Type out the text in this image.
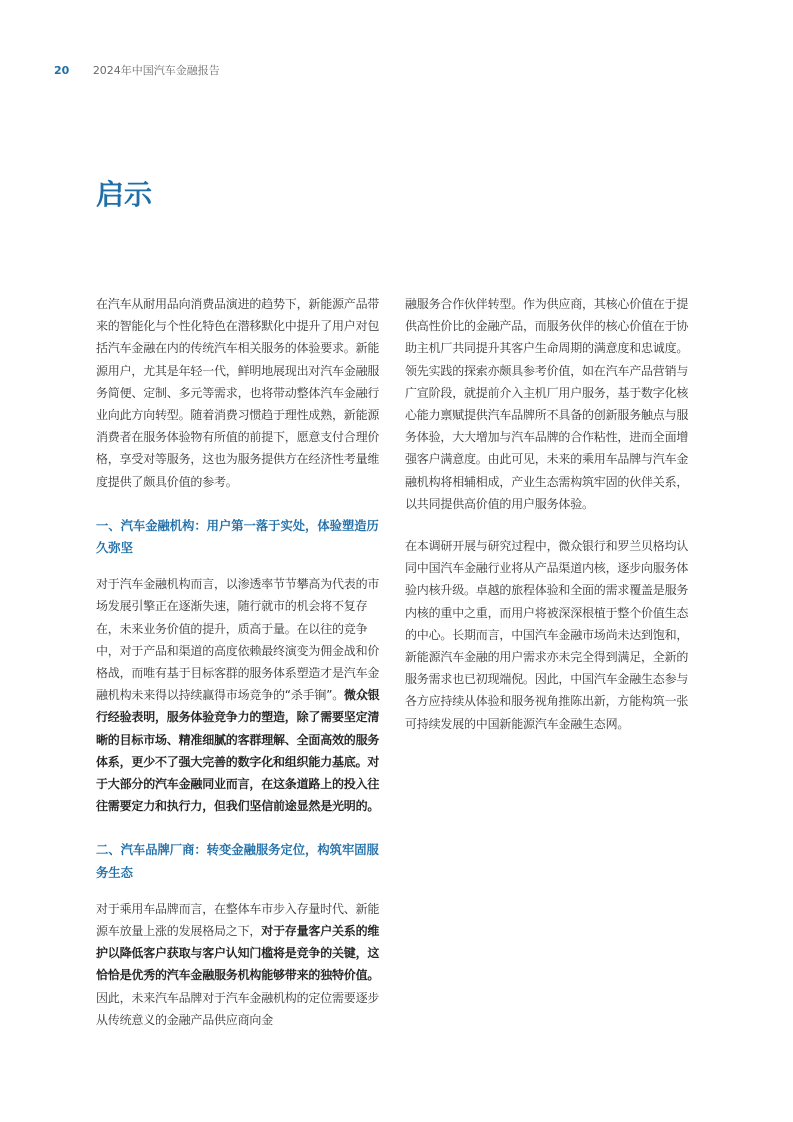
20 2024年中国汽车金融报告
启示

在汽车从耐用品向消费品演进的趋势下，新能源产品带来的智能化与个性化特色在潜移默化中提升了用户对包括汽车金融在内的传统汽车相关服务的体验要求。新能源用户，尤其是年轻一代，鲜明地展现出对汽车金融服务简便、定制、多元等需求，也将带动整体汽车金融行业向此方向转型。随着消费习惯趋于理性成熟，新能源消费者在服务体验物有所值的前提下，愿意支付合理价格，享受对等服务，这也为服务提供方在经济性考量维度提供了颇具价值的参考。

一、汽车金融机构：用户第一落于实处，体验塑造历久弥坚

对于汽车金融机构而言，以渗透率节节攀高为代表的市场发展引擎正在逐渐失速，随行就市的机会将不复存在，未来业务价值的提升，质高于量。在以往的竞争中，对于产品和渠道的高度依赖最终演变为佣金战和价格战，而唯有基于目标客群的服务体系塑造才是汽车金融机构未来得以持续赢得市场竞争的“杀手锏”。微众银行经验表明，服务体验竞争力的塑造，除了需要坚定清晰的目标市场、精准细腻的客群理解、全面高效的服务体系，更少不了强大完善的数字化和组织能力基底。对于大部分的汽车金融同业而言，在这条道路上的投入往往需要定力和执行力，但我们坚信前途显然是光明的。

二、汽车品牌厂商：转变金融服务定位，构筑牢固服务生态

对于乘用车品牌而言，在整体车市步入存量时代、新能源车放量上涨的发展格局之下，对于存量客户关系的维护以降低客户获取与客户认知门槛将是竞争的关键，这恰恰是优秀的汽车金融服务机构能够带来的独特价值。因此，未来汽车品牌对于汽车金融机构的定位需要逐步从传统意义的金融产品供应商向金

融服务合作伙伴转型。作为供应商，其核心价值在于提供高性价比的金融产品，而服务伙伴的核心价值在于协助主机厂共同提升其客户生命周期的满意度和忠诚度。领先实践的探索亦颇具参考价值，如在汽车产品营销与广宣阶段，就提前介入主机厂用户服务，基于数字化核心能力禀赋提供汽车品牌所不具备的创新服务触点与服务体验，大大增加与汽车品牌的合作粘性，进而全面增强客户满意度。由此可见，未来的乘用车品牌与汽车金融机构将相辅相成，产业生态需构筑牢固的伙伴关系，以共同提供高价值的用户服务体验。

在本调研开展与研究过程中，微众银行和罗兰贝格均认同中国汽车金融行业将从产品渠道内核，逐步向服务体验内核升级。卓越的旅程体验和全面的需求覆盖是服务内核的重中之重，而用户将被深深根植于整个价值生态的中心。长期而言，中国汽车金融市场尚未达到饱和，新能源汽车金融的用户需求亦未完全得到满足，全新的服务需求也已初现端倪。因此，中国汽车金融生态参与各方应持续从体验和服务视角推陈出新，方能构筑一张可持续发展的中国新能源汽车金融生态网。
